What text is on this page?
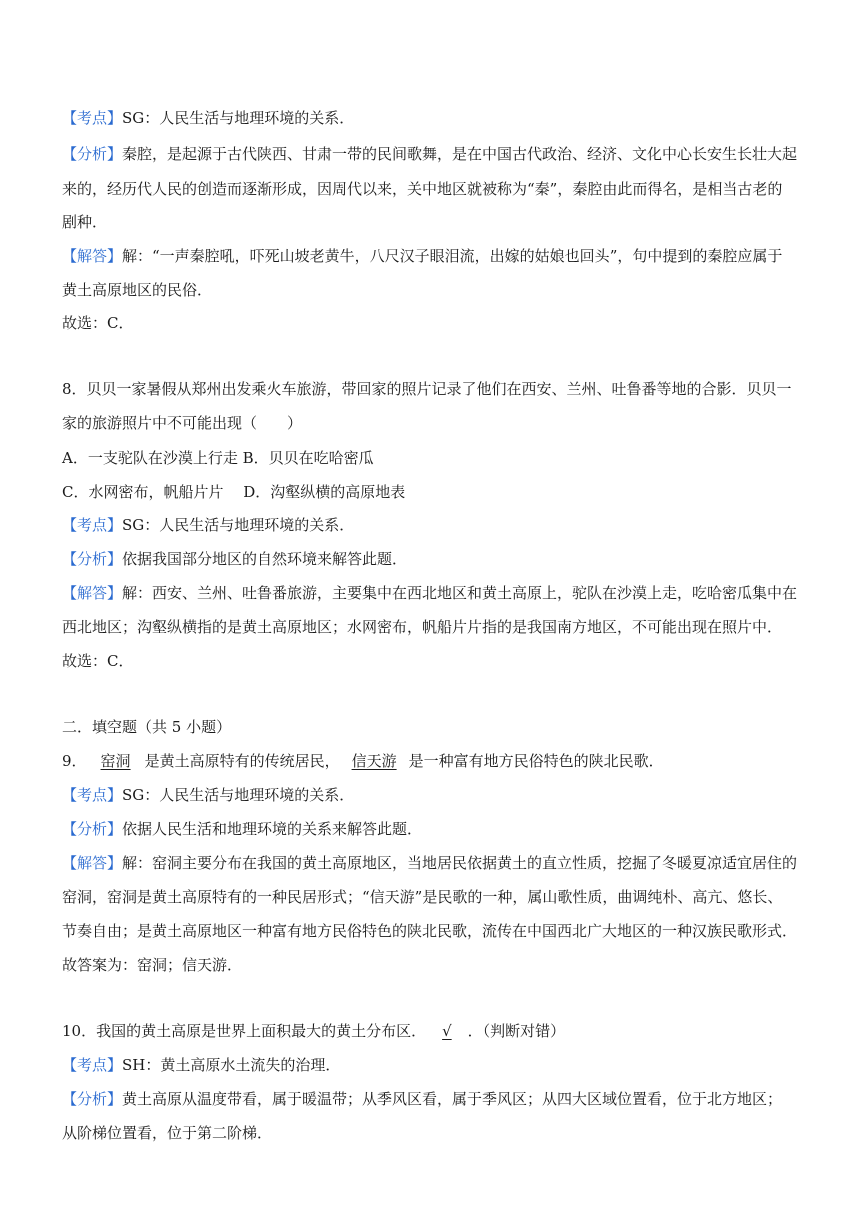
【考点】SG：人民生活与地理环境的关系．
【分析】秦腔，是起源于古代陕西、甘肃一带的民间歌舞，是在中国古代政治、经济、文化中心长安生长壮大起
来的，经历代人民的创造而逐渐形成，因周代以来，关中地区就被称为“秦”，秦腔由此而得名，是相当古老的
剧种．
【解答】解：“一声秦腔吼，吓死山坡老黄牛，八尺汉子眼泪流，出嫁的姑娘也回头”，句中提到的秦腔应属于
黄土高原地区的民俗．
故选：C．
8．贝贝一家暑假从郑州出发乘火车旅游，带回家的照片记录了他们在西安、兰州、吐鲁番等地的合影．贝贝一
家的旅游照片中不可能出现（　　）
A．一支驼队在沙漠上行走 B．贝贝在吃哈密瓜
C．水网密布，帆船片片　 D．沟壑纵横的高原地表
【考点】SG：人民生活与地理环境的关系．
【分析】依据我国部分地区的自然环境来解答此题．
【解答】解：西安、兰州、吐鲁番旅游，主要集中在西北地区和黄土高原上，驼队在沙漠上走，吃哈密瓜集中在
西北地区；沟壑纵横指的是黄土高原地区；水网密布，帆船片片指的是我国南方地区，不可能出现在照片中．
故选：C．
二．填空题（共 5 小题）
9． 窑洞 是黄土高原特有的传统居民， 信天游 是一种富有地方民俗特色的陕北民歌．
【考点】SG：人民生活与地理环境的关系．
【分析】依据人民生活和地理环境的关系来解答此题．
【解答】解：窑洞主要分布在我国的黄土高原地区，当地居民依据黄土的直立性质，挖掘了冬暖夏凉适宜居住的
窑洞，窑洞是黄土高原特有的一种民居形式；“信天游”是民歌的一种，属山歌性质，曲调纯朴、高亢、悠长、
节奏自由；是黄土高原地区一种富有地方民俗特色的陕北民歌，流传在中国西北广大地区的一种汉族民歌形式．
故答案为：窑洞；信天游．
10．我国的黄土高原是世界上面积最大的黄土分布区． √ ．（判断对错）
【考点】SH：黄土高原水土流失的治理．
【分析】黄土高原从温度带看，属于暖温带；从季风区看，属于季风区；从四大区域位置看，位于北方地区；
从阶梯位置看，位于第二阶梯．
